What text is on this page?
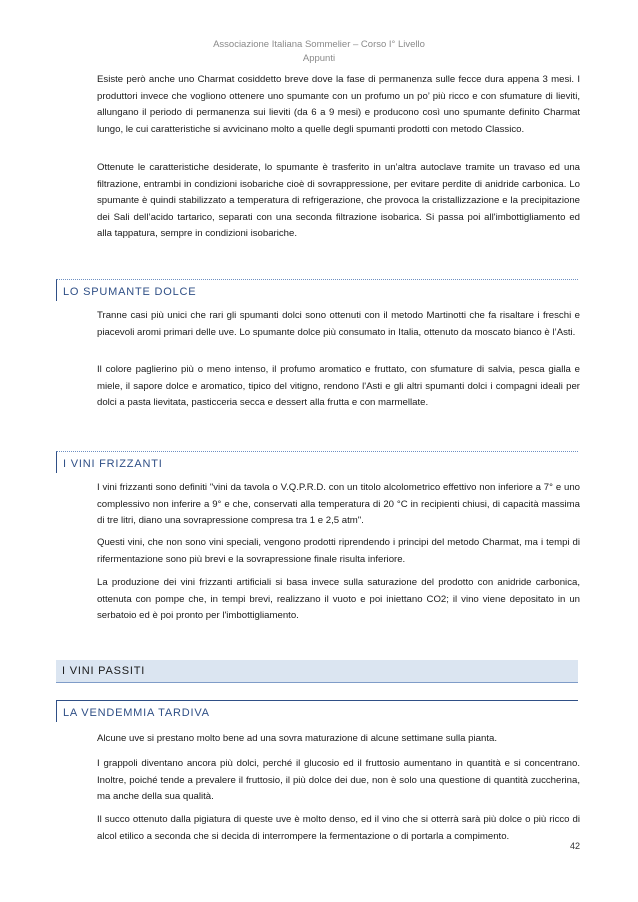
Associazione Italiana Sommelier – Corso I° Livello
Appunti

Esiste però anche uno Charmat cosiddetto breve dove la fase di permanenza sulle fecce dura appena 3 mesi. I produttori invece che vogliono ottenere uno spumante con un profumo un po’ più ricco e con sfumature di lieviti, allungano il periodo di permanenza sui lieviti (da 6 a 9 mesi) e producono così uno spumante definito Charmat lungo, le cui caratteristiche si avvicinano molto a quelle degli spumanti prodotti con metodo Classico.

Ottenute le caratteristiche desiderate, lo spumante è trasferito in un’altra autoclave tramite un travaso ed una filtrazione, entrambi in condizioni isobariche cioè di sovrappressione, per evitare perdite di anidride carbonica. Lo spumante è quindi stabilizzato a temperatura di refrigerazione, che provoca la cristallizzazione e la precipitazione dei Sali dell’acido tartarico, separati con una seconda filtrazione isobarica. Si passa poi all'imbottigliamento ed alla tappatura, sempre in condizioni isobariche.

LO SPUMANTE DOLCE

Tranne casi più unici che rari gli spumanti dolci sono ottenuti con il metodo Martinotti che fa risaltare i freschi e piacevoli aromi primari delle uve. Lo spumante dolce più consumato in Italia, ottenuto da moscato bianco è l’Asti.

Il colore paglierino più o meno intenso, il profumo aromatico e fruttato, con sfumature di salvia, pesca gialla e miele, il sapore dolce e aromatico, tipico del vitigno, rendono l'Asti e gli altri spumanti dolci i compagni ideali per dolci a pasta lievitata, pasticceria secca e dessert alla frutta e con marmellate.

I VINI FRIZZANTI

I vini frizzanti sono definiti "vini da tavola o V.Q.P.R.D. con un titolo alcolometrico effettivo non inferiore a 7° e uno complessivo non inferire a 9° e che, conservati alla temperatura di 20 °C in recipienti chiusi, di capacità massima di tre litri, diano una sovrapressione compresa tra 1 e 2,5 atm".

Questi vini, che non sono vini speciali, vengono prodotti riprendendo i principi del metodo Charmat, ma i tempi di rifermentazione sono più brevi e la sovrapressione finale risulta inferiore.

La produzione dei vini frizzanti artificiali si basa invece sulla saturazione del prodotto con anidride carbonica, ottenuta con pompe che, in tempi brevi, realizzano il vuoto e poi iniettano CO2; il vino viene depositato in un serbatoio ed è poi pronto per l'imbottigliamento.

I VINI PASSITI
LA VENDEMMIA TARDIVA

Alcune uve si prestano molto bene ad una sovra maturazione di alcune settimane sulla pianta.

I grappoli diventano ancora più dolci, perché il glucosio ed il fruttosio aumentano in quantità e si concentrano. Inoltre, poiché tende a prevalere il fruttosio, il più dolce dei due, non è solo una questione di quantità zuccherina, ma anche della sua qualità.

Il succo ottenuto dalla pigiatura di queste uve è molto denso, ed il vino che si otterrà sarà più dolce o più ricco di alcol etilico a seconda che si decida di interrompere la fermentazione o di portarla a compimento.

42
